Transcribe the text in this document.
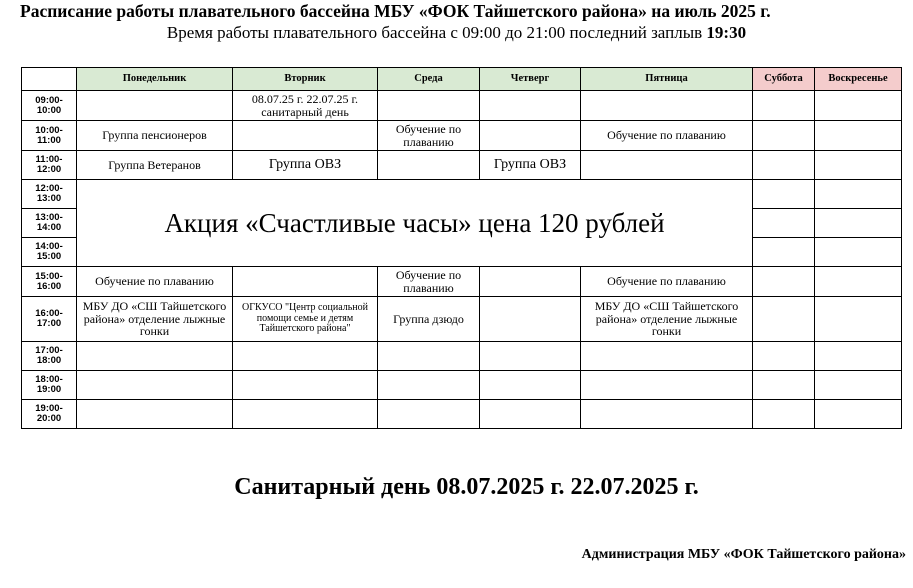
Расписание работы плавательного бассейна МБУ «ФОК Тайшетского района» на июль 2025 г.
Время работы плавательного бассейна с 09:00 до 21:00 последний заплыв 19:30
	Понедельник	Вторник	Среда	Четверг	Пятница	Суббота	Воскресенье
09:00-
10:00		08.07.25 г. 22.07.25 г. санитарный день					
10:00-
11:00	Группа пенсионеров		Обучение по плаванию		Обучение по плаванию		
11:00-
12:00	Группа Ветеранов	Группа ОВЗ		Группа ОВЗ			
12:00-
13:00	Акция «Счастливые часы» цена 120 рублей						
13:00-
14:00							
14:00-
15:00							
15:00-
16:00	Обучение по плаванию		Обучение по плаванию		Обучение по плаванию		
16:00-
17:00	МБУ ДО «СШ Тайшетского района» отделение лыжные гонки	ОГКУСО "Центр социальной помощи семье и детям Тайшетского района"	Группа дзюдо		МБУ ДО «СШ Тайшетского района» отделение лыжные гонки		
17:00-
18:00							
18:00-
19:00							
19:00-
20:00							
Санитарный день 08.07.2025 г. 22.07.2025 г.
Администрация МБУ «ФОК Тайшетского района»
